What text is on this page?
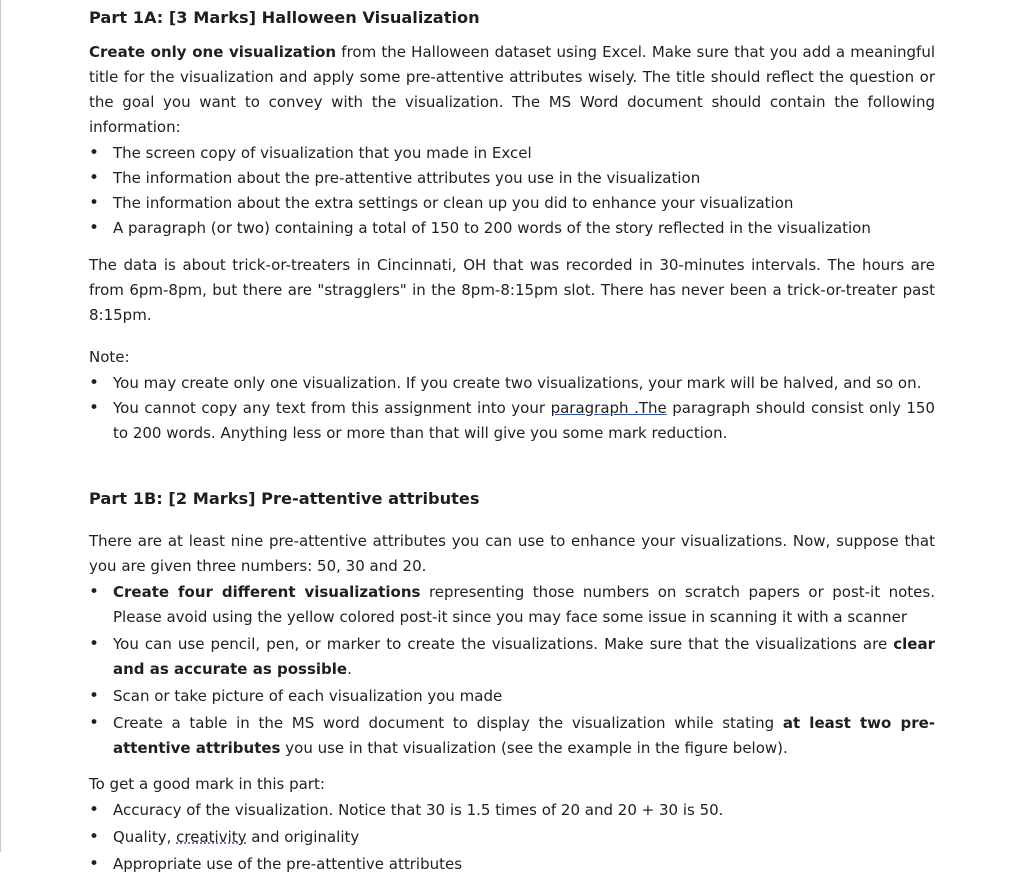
Part 1A: [3 Marks] Halloween Visualization

Create only one visualization from the Halloween dataset using Excel. Make sure that you add a meaningful title for the visualization and apply some pre-attentive attributes wisely. The title should reflect the question or the goal you want to convey with the visualization. The MS Word document should contain the following information:

• The screen copy of visualization that you made in Excel
• The information about the pre-attentive attributes you use in the visualization
• The information about the extra settings or clean up you did to enhance your visualization
• A paragraph (or two) containing a total of 150 to 200 words of the story reflected in the visualization

The data is about trick-or-treaters in Cincinnati, OH that was recorded in 30-minutes intervals. The hours are from 6pm-8pm, but there are "stragglers" in the 8pm-8:15pm slot. There has never been a trick-or-treater past 8:15pm.

Note:

• You may create only one visualization. If you create two visualizations, your mark will be halved, and so on.
• You cannot copy any text from this assignment into your paragraph .The paragraph should consist only 150 to 200 words. Anything less or more than that will give you some mark reduction.
Part 1B: [2 Marks] Pre-attentive attributes

There are at least nine pre-attentive attributes you can use to enhance your visualizations. Now, suppose that you are given three numbers: 50, 30 and 20.

• Create four different visualizations representing those numbers on scratch papers or post-it notes. Please avoid using the yellow colored post-it since you may face some issue in scanning it with a scanner
• You can use pencil, pen, or marker to create the visualizations. Make sure that the visualizations are clear and as accurate as possible.
• Scan or take picture of each visualization you made
• Create a table in the MS word document to display the visualization while stating at least two pre-attentive attributes you use in that visualization (see the example in the figure below).

To get a good mark in this part:

• Accuracy of the visualization. Notice that 30 is 1.5 times of 20 and 20 + 30 is 50.
• Quality, creativity and originality
• Appropriate use of the pre-attentive attributes
